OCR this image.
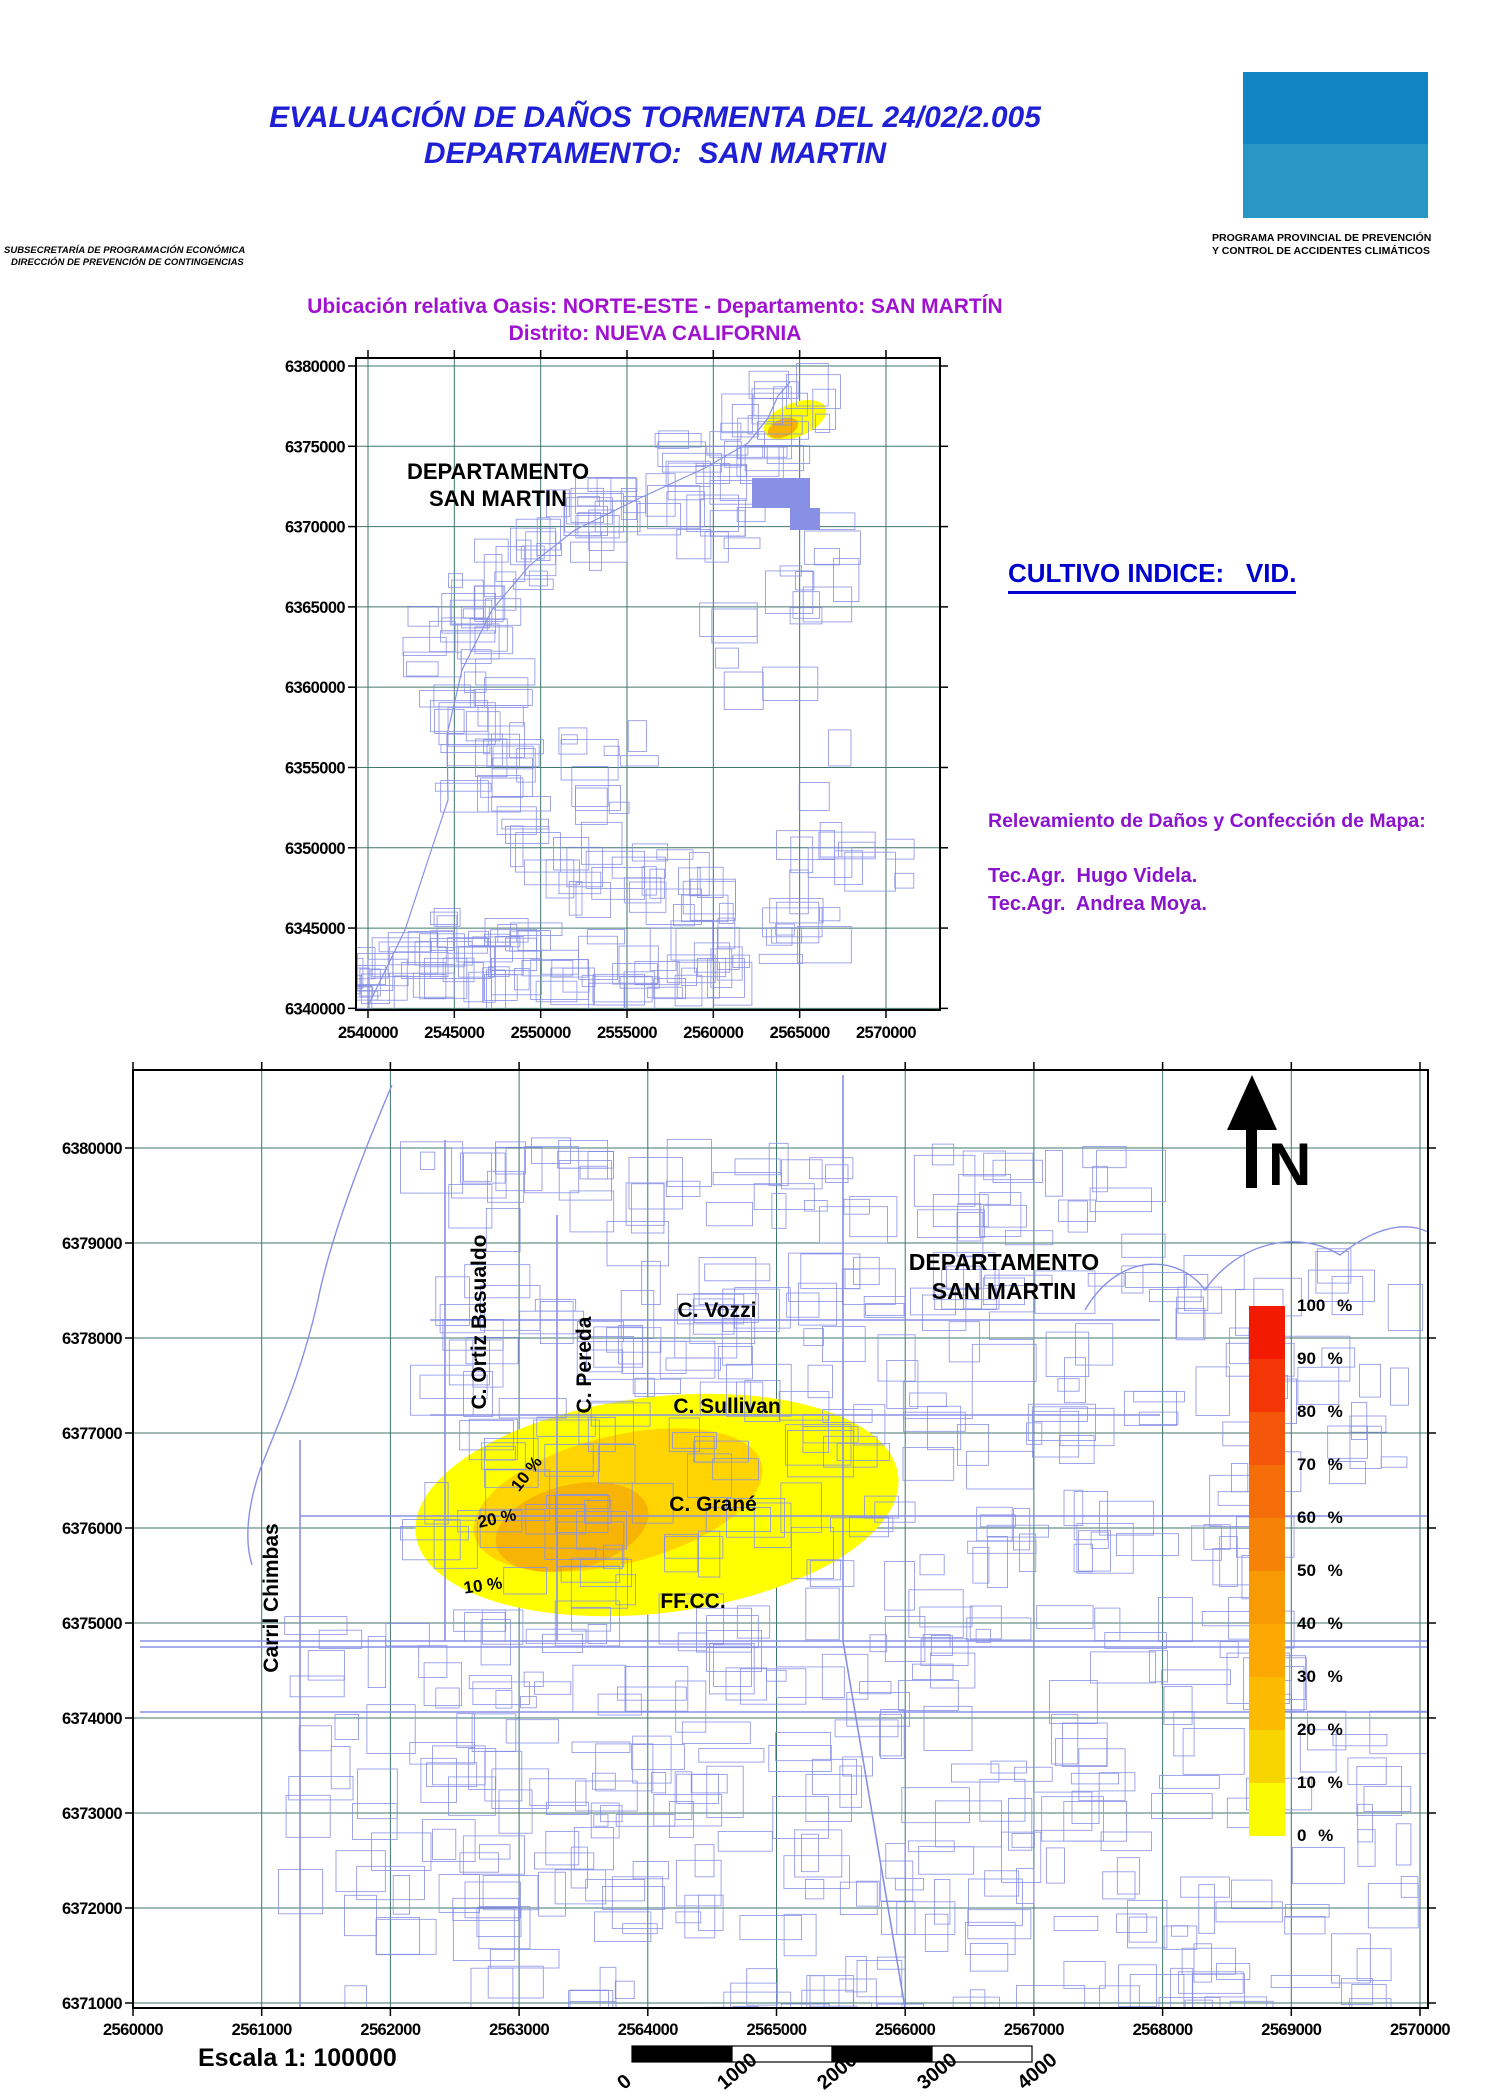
2540000 2545000 2550000 2555000 2560000 2565000 2570000
6380000
6375000
6370000
6365000
6360000
6355000
6350000
6345000
6340000
2560000	2561000	2562000	2563000	2564000	2565000	2566000	2567000	2568000	2569000	2570000
6380000
6379000
6378000
6377000
6376000
6375000
6374000
6373000
6372000
6371000
EVALUACIÓN DE DAÑOS TORMENTA DEL 24/02/2.005
DEPARTAMENTO:  SAN MARTIN
SUBSECRETARÍA DE PROGRAMACIÓN ECONÓMICA
DIRECCIÓN DE PREVENCIÓN DE CONTINGENCIAS
PROGRAMA PROVINCIAL DE PREVENCIÓN
Y CONTROL DE ACCIDENTES CLIMÁTICOS
Ubicación relativa Oasis: NORTE-ESTE - Departamento: SAN MARTÍN
Distrito: NUEVA CALIFORNIA
CULTIVO INDICE:   VID.
Relevamiento de Daños y Confección de Mapa:
Tec.Agr.  Hugo Videla.
Tec.Agr.  Andrea Moya.
DEPARTAMENTO
SAN MARTIN
DEPARTAMENTO
SAN MARTIN
N
Escala 1: 100000
100 %
90 %
80 %
70 %
60 %
50 %
40 %
30 %
20 %
10 %
0 %
0	1000	2000	3000	4000
C. Ortiz Basualdo	C. Pereda
C. Vozzi
C. Sullivan
C. Grané
FF.CC.
Carril Chimbas
10 %
20 %
10 %
